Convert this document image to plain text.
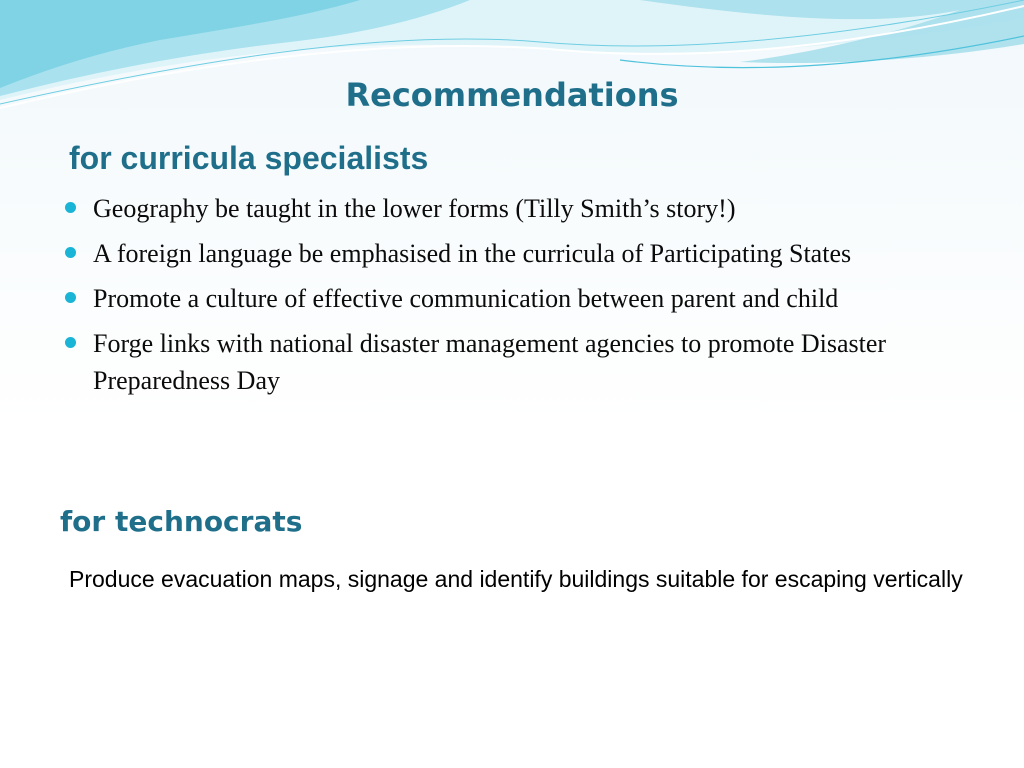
Recommendations
for curricula specialists
Geography be taught in the lower forms (Tilly Smith’s story!)
A foreign language be emphasised in the curricula of Participating States
Promote a culture of effective communication between parent and child
Forge links with national disaster management agencies to promote Disaster Preparedness Day
for technocrats

Produce evacuation maps, signage and identify buildings suitable for escaping vertically
